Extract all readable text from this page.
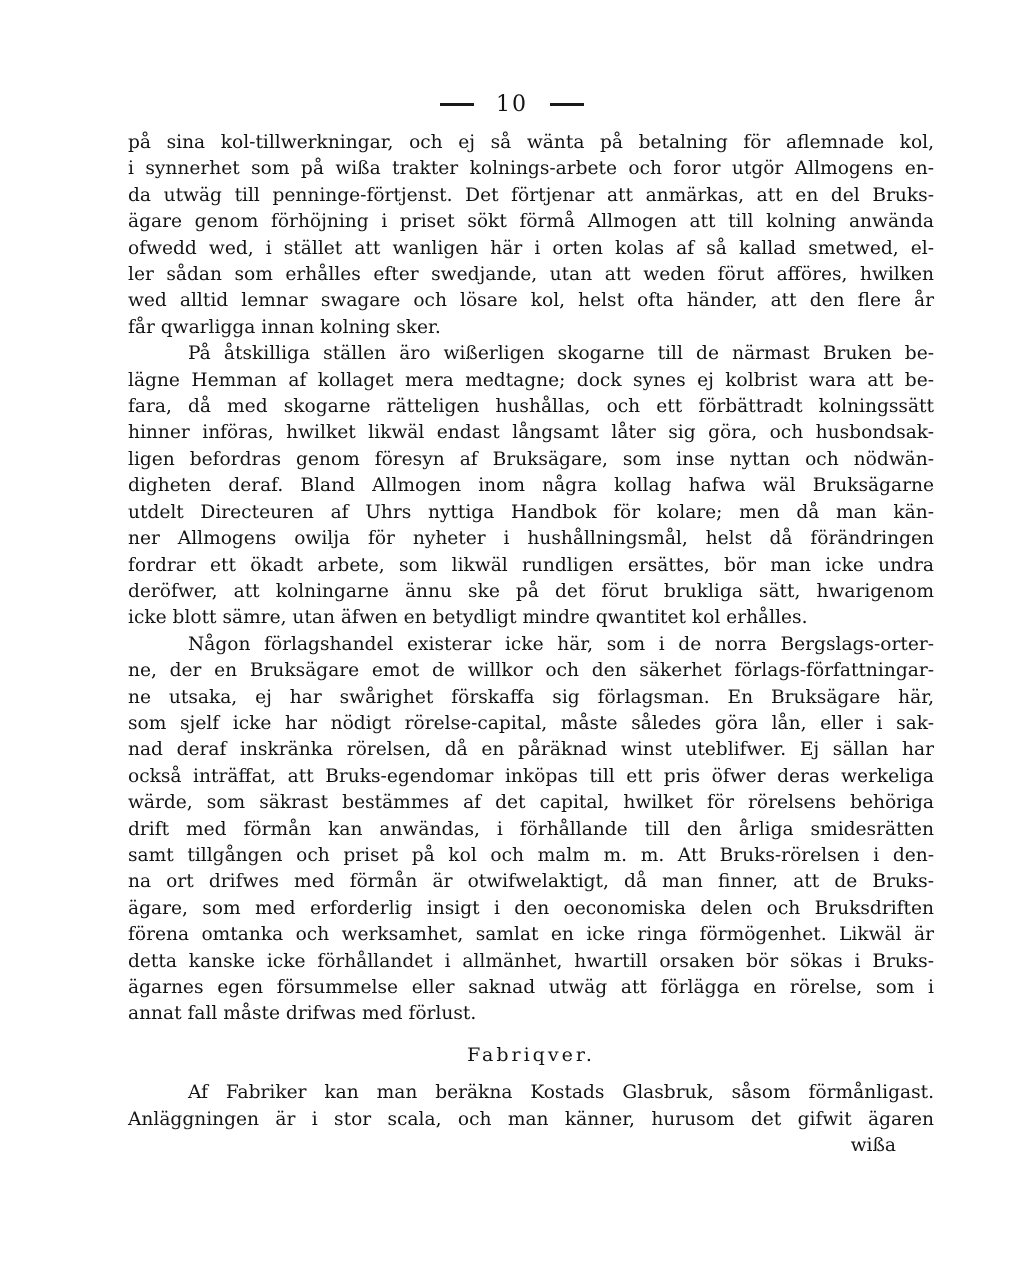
10
på sina kol-tillwerkningar, och ej så wänta på betalning för aflemnade kol,
i synnerhet som på wißa trakter kolnings-arbete och foror utgör Allmogens en-
da utwäg till penninge-förtjenst. Det förtjenar att anmärkas, att en del Bruks-
ägare genom förhöjning i priset sökt förmå Allmogen att till kolning anwända
ofwedd wed, i stället att wanligen här i orten kolas af så kallad smetwed, el-
ler sådan som erhålles efter swedjande, utan att weden förut afföres, hwilken
wed alltid lemnar swagare och lösare kol, helst ofta händer, att den flere år
får qwarligga innan kolning sker.
På åtskilliga ställen äro wißerligen skogarne till de närmast Bruken be-
lägne Hemman af kollaget mera medtagne; dock synes ej kolbrist wara att be-
fara, då med skogarne rätteligen hushållas, och ett förbättradt kolningssätt
hinner införas, hwilket likwäl endast långsamt låter sig göra, och husbondsak-
ligen befordras genom föresyn af Bruksägare, som inse nyttan och nödwän-
digheten deraf. Bland Allmogen inom några kollag hafwa wäl Bruksägarne
utdelt Directeuren af Uhrs nyttiga Handbok för kolare; men då man kän-
ner Allmogens owilja för nyheter i hushållningsmål, helst då förändringen
fordrar ett ökadt arbete, som likwäl rundligen ersättes, bör man icke undra
deröfwer, att kolningarne ännu ske på det förut brukliga sätt, hwarigenom
icke blott sämre, utan äfwen en betydligt mindre qwantitet kol erhålles.
Någon förlagshandel existerar icke här, som i de norra Bergslags-orter-
ne, der en Bruksägare emot de willkor och den säkerhet förlags-författningar-
ne utsaka, ej har swårighet förskaffa sig förlagsman. En Bruksägare här,
som sjelf icke har nödigt rörelse-capital, måste således göra lån, eller i sak-
nad deraf inskränka rörelsen, då en påräknad winst uteblifwer. Ej sällan har
också inträffat, att Bruks-egendomar inköpas till ett pris öfwer deras werkeliga
wärde, som säkrast bestämmes af det capital, hwilket för rörelsens behöriga
drift med förmån kan anwändas, i förhållande till den årliga smidesrätten
samt tillgången och priset på kol och malm m. m. Att Bruks-rörelsen i den-
na ort drifwes med förmån är otwifwelaktigt, då man finner, att de Bruks-
ägare, som med erforderlig insigt i den oeconomiska delen och Bruksdriften
förena omtanka och werksamhet, samlat en icke ringa förmögenhet. Likwäl är
detta kanske icke förhållandet i allmänhet, hwartill orsaken bör sökas i Bruks-
ägarnes egen försummelse eller saknad utwäg att förlägga en rörelse, som i
annat fall måste drifwas med förlust.
Fabriqver.
Af Fabriker kan man beräkna Kostads Glasbruk, såsom förmånligast.
Anläggningen är i stor scala, och man känner, hurusom det gifwit ägaren
wißa
